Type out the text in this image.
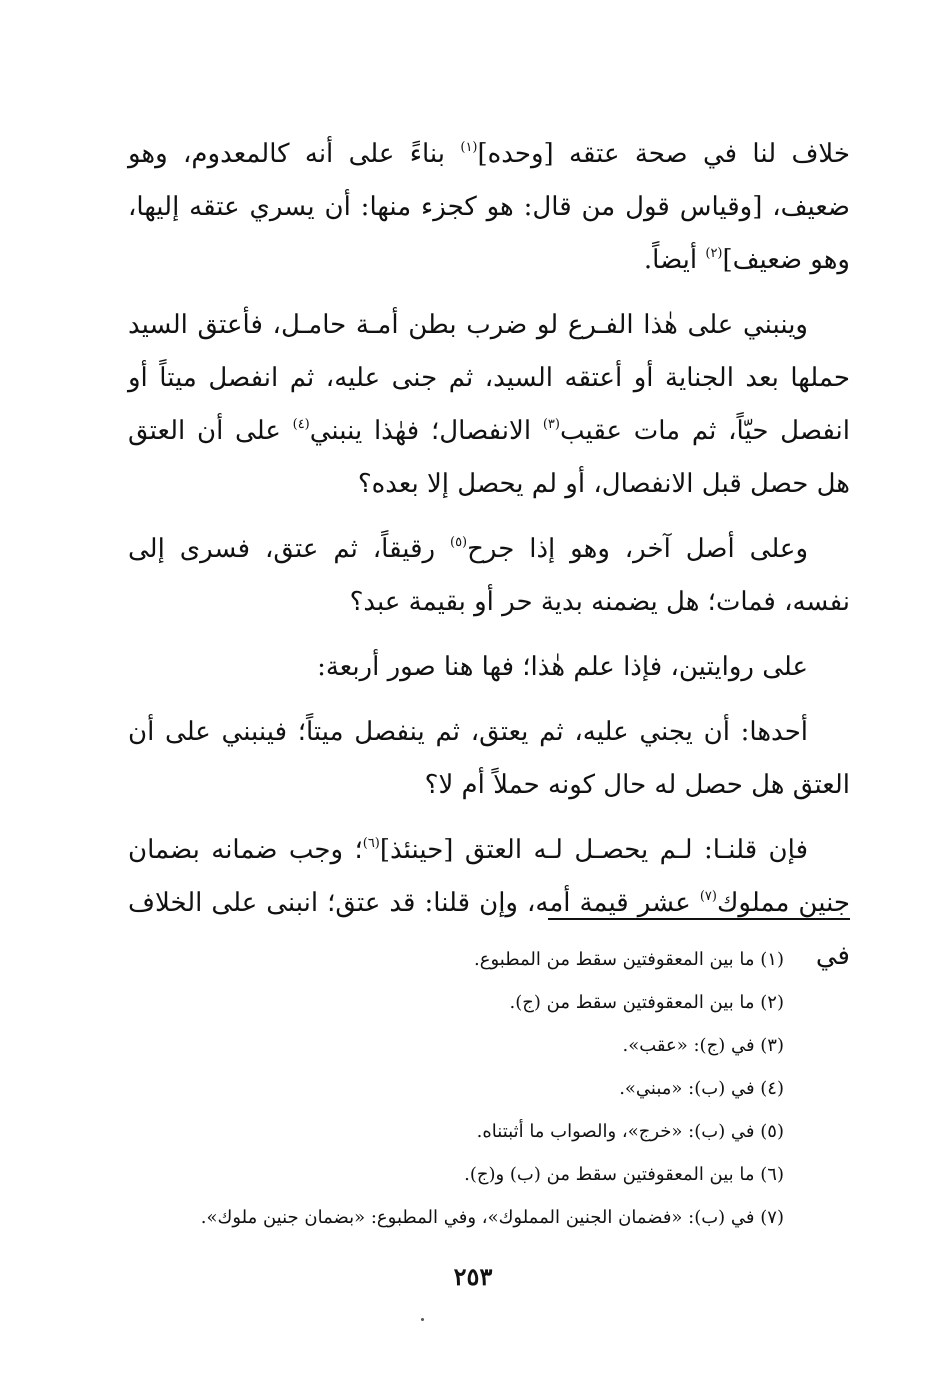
خلاف لنا في صحة عتقه [وحده]$^{(١)}$ بناءً على أنه كالمعدوم، وهو ضعيف، [وقياس قول من قال: هو كجزء منها: أن يسري عتقه إليها، وهو ضعيف]$^{(٢)}$ أيضاً.

وينبني على هٰذا الفـرع لو ضرب بطن أمـة حامـل، فأعتق السيد حملها بعد الجناية أو أعتقه السيد، ثم جنى عليه، ثم انفصل ميتاً أو انفصل حيّاً، ثم مات عقيب$^{(٣)}$ الانفصال؛ فهٰذا ينبني$^{(٤)}$ على أن العتق هل حصل قبل الانفصال، أو لم يحصل إلا بعده؟

وعلى أصل آخر، وهو إذا جرح$^{(٥)}$ رقيقاً، ثم عتق، فسرى إلى نفسه، فمات؛ هل يضمنه بدية حر أو بقيمة عبد؟

على روايتين، فإذا علم هٰذا؛ فها هنا صور أربعة:

أحدها: أن يجني عليه، ثم يعتق، ثم ينفصل ميتاً؛ فينبني على أن العتق هل حصل له حال كونه حملاً أم لا؟

فإن قلنـا: لـم يحصـل لـه العتق [حينئذ]$^{(٦)}$؛ وجب ضمانه بضمان جنين مملوك$^{(٧)}$ عشر قيمة أمه، وإن قلنا: قد عتق؛ انبنى على الخلاف في

(١) ما بين المعقوفتين سقط من المطبوع.
(٢) ما بين المعقوفتين سقط من (ج).
(٣) في (ج): «عقب».
(٤) في (ب): «مبني».
(٥) في (ب): «خرج»، والصواب ما أثبتناه.
(٦) ما بين المعقوفتين سقط من (ب) و(ج).
(٧) في (ب): «فضمان الجنين المملوك»، وفي المطبوع: «بضمان جنين ملوك».
٢٥٣
